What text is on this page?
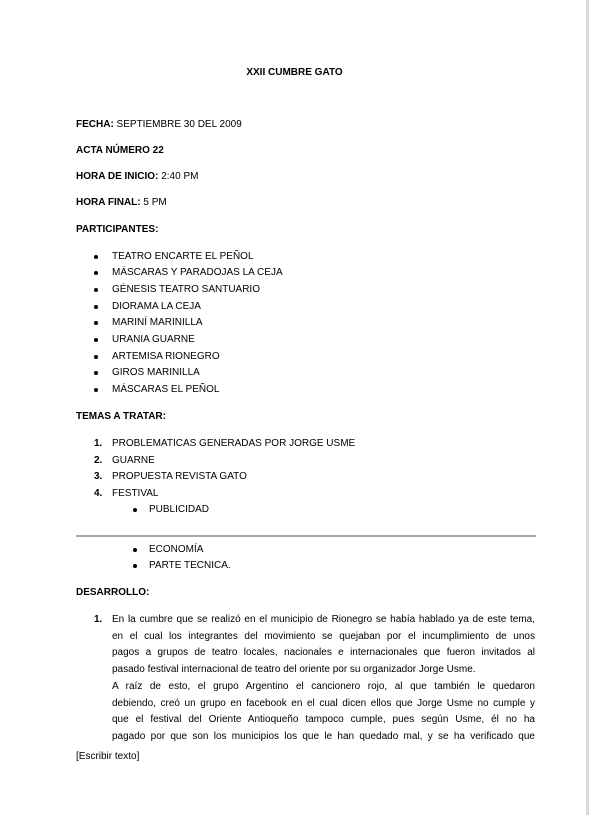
XXII CUMBRE GATO
FECHA: SEPTIEMBRE 30 DEL 2009
ACTA NÚMERO 22
HORA DE INICIO: 2:40 PM
HORA FINAL: 5 PM
PARTICIPANTES:
TEATRO ENCARTE EL PEÑOL
MÁSCARAS Y PARADOJAS LA CEJA
GÉNESIS TEATRO SANTUARIO
DIORAMA LA CEJA
MARINÍ MARINILLA
URANIA GUARNE
ARTEMISA RIONEGRO
GIROS MARINILLA
MÁSCARAS EL PEÑOL
TEMAS A TRATAR:
1. PROBLEMATICAS GENERADAS POR JORGE USME
2. GUARNE
3. PROPUESTA REVISTA GATO
4. FESTIVAL
PUBLICIDAD
ECONOMÍA
PARTE TECNICA.
DESARROLLO:
1. En la cumbre que se realizó en el municipio de Rionegro se había hablado ya de este tema,

en el cual los integrantes del movimiento se quejaban por el incumplimiento de unos

pagos a grupos de teatro locales, nacionales e internacionales que fueron invitados al

pasado festival internacional de teatro del oriente por su organizador Jorge Usme.

A raíz de esto, el grupo Argentino el cancionero rojo, al que también le quedaron

debiendo, creó un grupo en facebook en el cual dicen ellos que Jorge Usme no cumple y

que el festival del Oriente Antioqueño tampoco cumple, pues según Usme, él no ha

pagado por que son los municipios los que le han quedado mal, y se ha verificado que

[Escribir texto]
